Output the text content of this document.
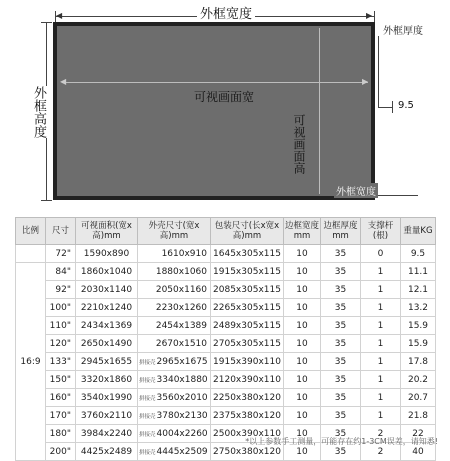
◀	▶
外框宽度
外框厚度
9.5
外框高度
◀	▶
可视画面宽
可视画面高
外框宽度
比例	尺寸	可视面积(宽x高)mm	外壳尺寸(宽x高)mm	包装尺寸(长x宽x高)mm	边框宽度mm	边框厚度mm	支撑杆(根)	重量KG
	72"	1590x890	1610x910	1645x305x115	10	35	0	9.5
16:9	84"	1860x1040	1880x1060	1915x305x115	10	35	1	11.1
	92"	2030x1140	2050x1160	2085x305x115	10	35	1	12.1
	100"	2210x1240	2230x1260	2265x305x115	10	35	1	13.2
	110"	2434x1369	2454x1389	2489x305x115	10	35	1	15.9
	120"	2650x1490	2670x1510	2705x305x115	10	35	1	15.9
	133"	2945x1655	拼接壳2965x1675	1915x390x110	10	35	1	17.8
	150"	3320x1860	拼接壳3340x1880	2120x390x110	10	35	1	20.2
	160"	3540x1990	拼接壳3560x2010	2250x380x120	10	35	1	20.7
	170"	3760x2110	拼接壳3780x2130	2375x380x120	10	35	1	21.8
	180"	3984x2240	拼接壳4004x2260	2500x390x110	10	35	2	22
	200"	4425x2489	拼接壳4445x2509	2750x380x120	10	35	2	40
*以上参数手工测量，可能存在约1-3CM误差，请知悉!
